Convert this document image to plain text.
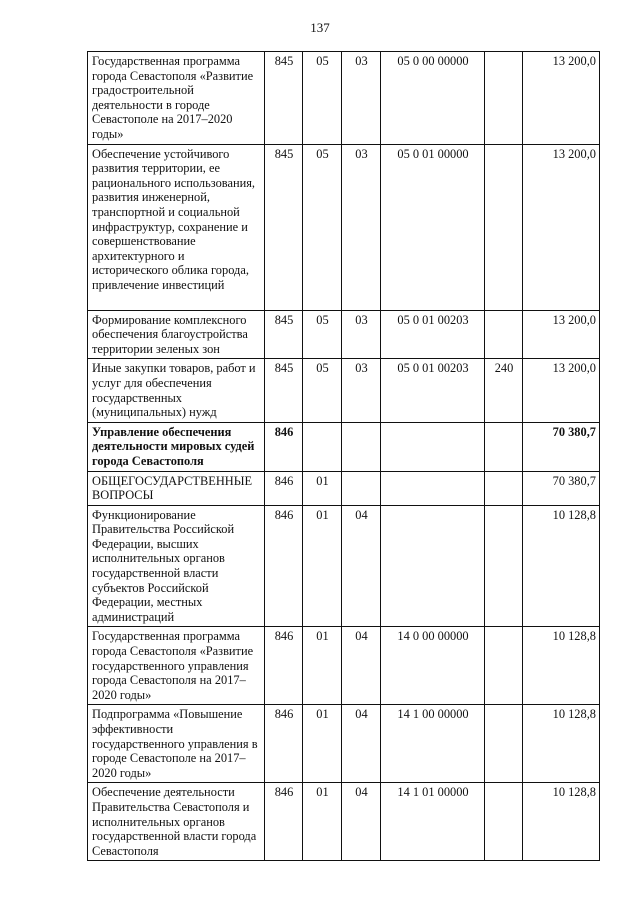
137
Государственная программа города Севастополя «Развитие градостроительной деятельности в городе Севастополе на 2017–2020 годы»	845	05	03	05 0 00 00000		13 200,0
Обеспечение устойчивого развития территории, ее рационального использования, развития инженерной, транспортной и социальной инфраструктур, сохранение и совершенствование архитектурного и исторического облика города, привлечение инвестиций	845	05	03	05 0 01 00000		13 200,0
Формирование комплексного обеспечения благоустройства территории зеленых зон	845	05	03	05 0 01 00203		13 200,0
Иные закупки товаров, работ и услуг для обеспечения государственных (муниципальных) нужд	845	05	03	05 0 01 00203	240	13 200,0
Управление обеспечения деятельности мировых судей города Севастополя	846					70 380,7
ОБЩЕГОСУДАРСТВЕННЫЕ ВОПРОСЫ	846	01				70 380,7
Функционирование Правительства Российской Федерации, высших исполнительных органов государственной власти субъектов Российской Федерации, местных администраций	846	01	04			10 128,8
Государственная программа города Севастополя «Развитие государственного управления города Севастополя на 2017–2020 годы»	846	01	04	14 0 00 00000		10 128,8
Подпрограмма «Повышение эффективности государственного управления в городе Севастополе на 2017–2020 годы»	846	01	04	14 1 00 00000		10 128,8
Обеспечение деятельности Правительства Севастополя и исполнительных органов государственной власти города Севастополя	846	01	04	14 1 01 00000		10 128,8
